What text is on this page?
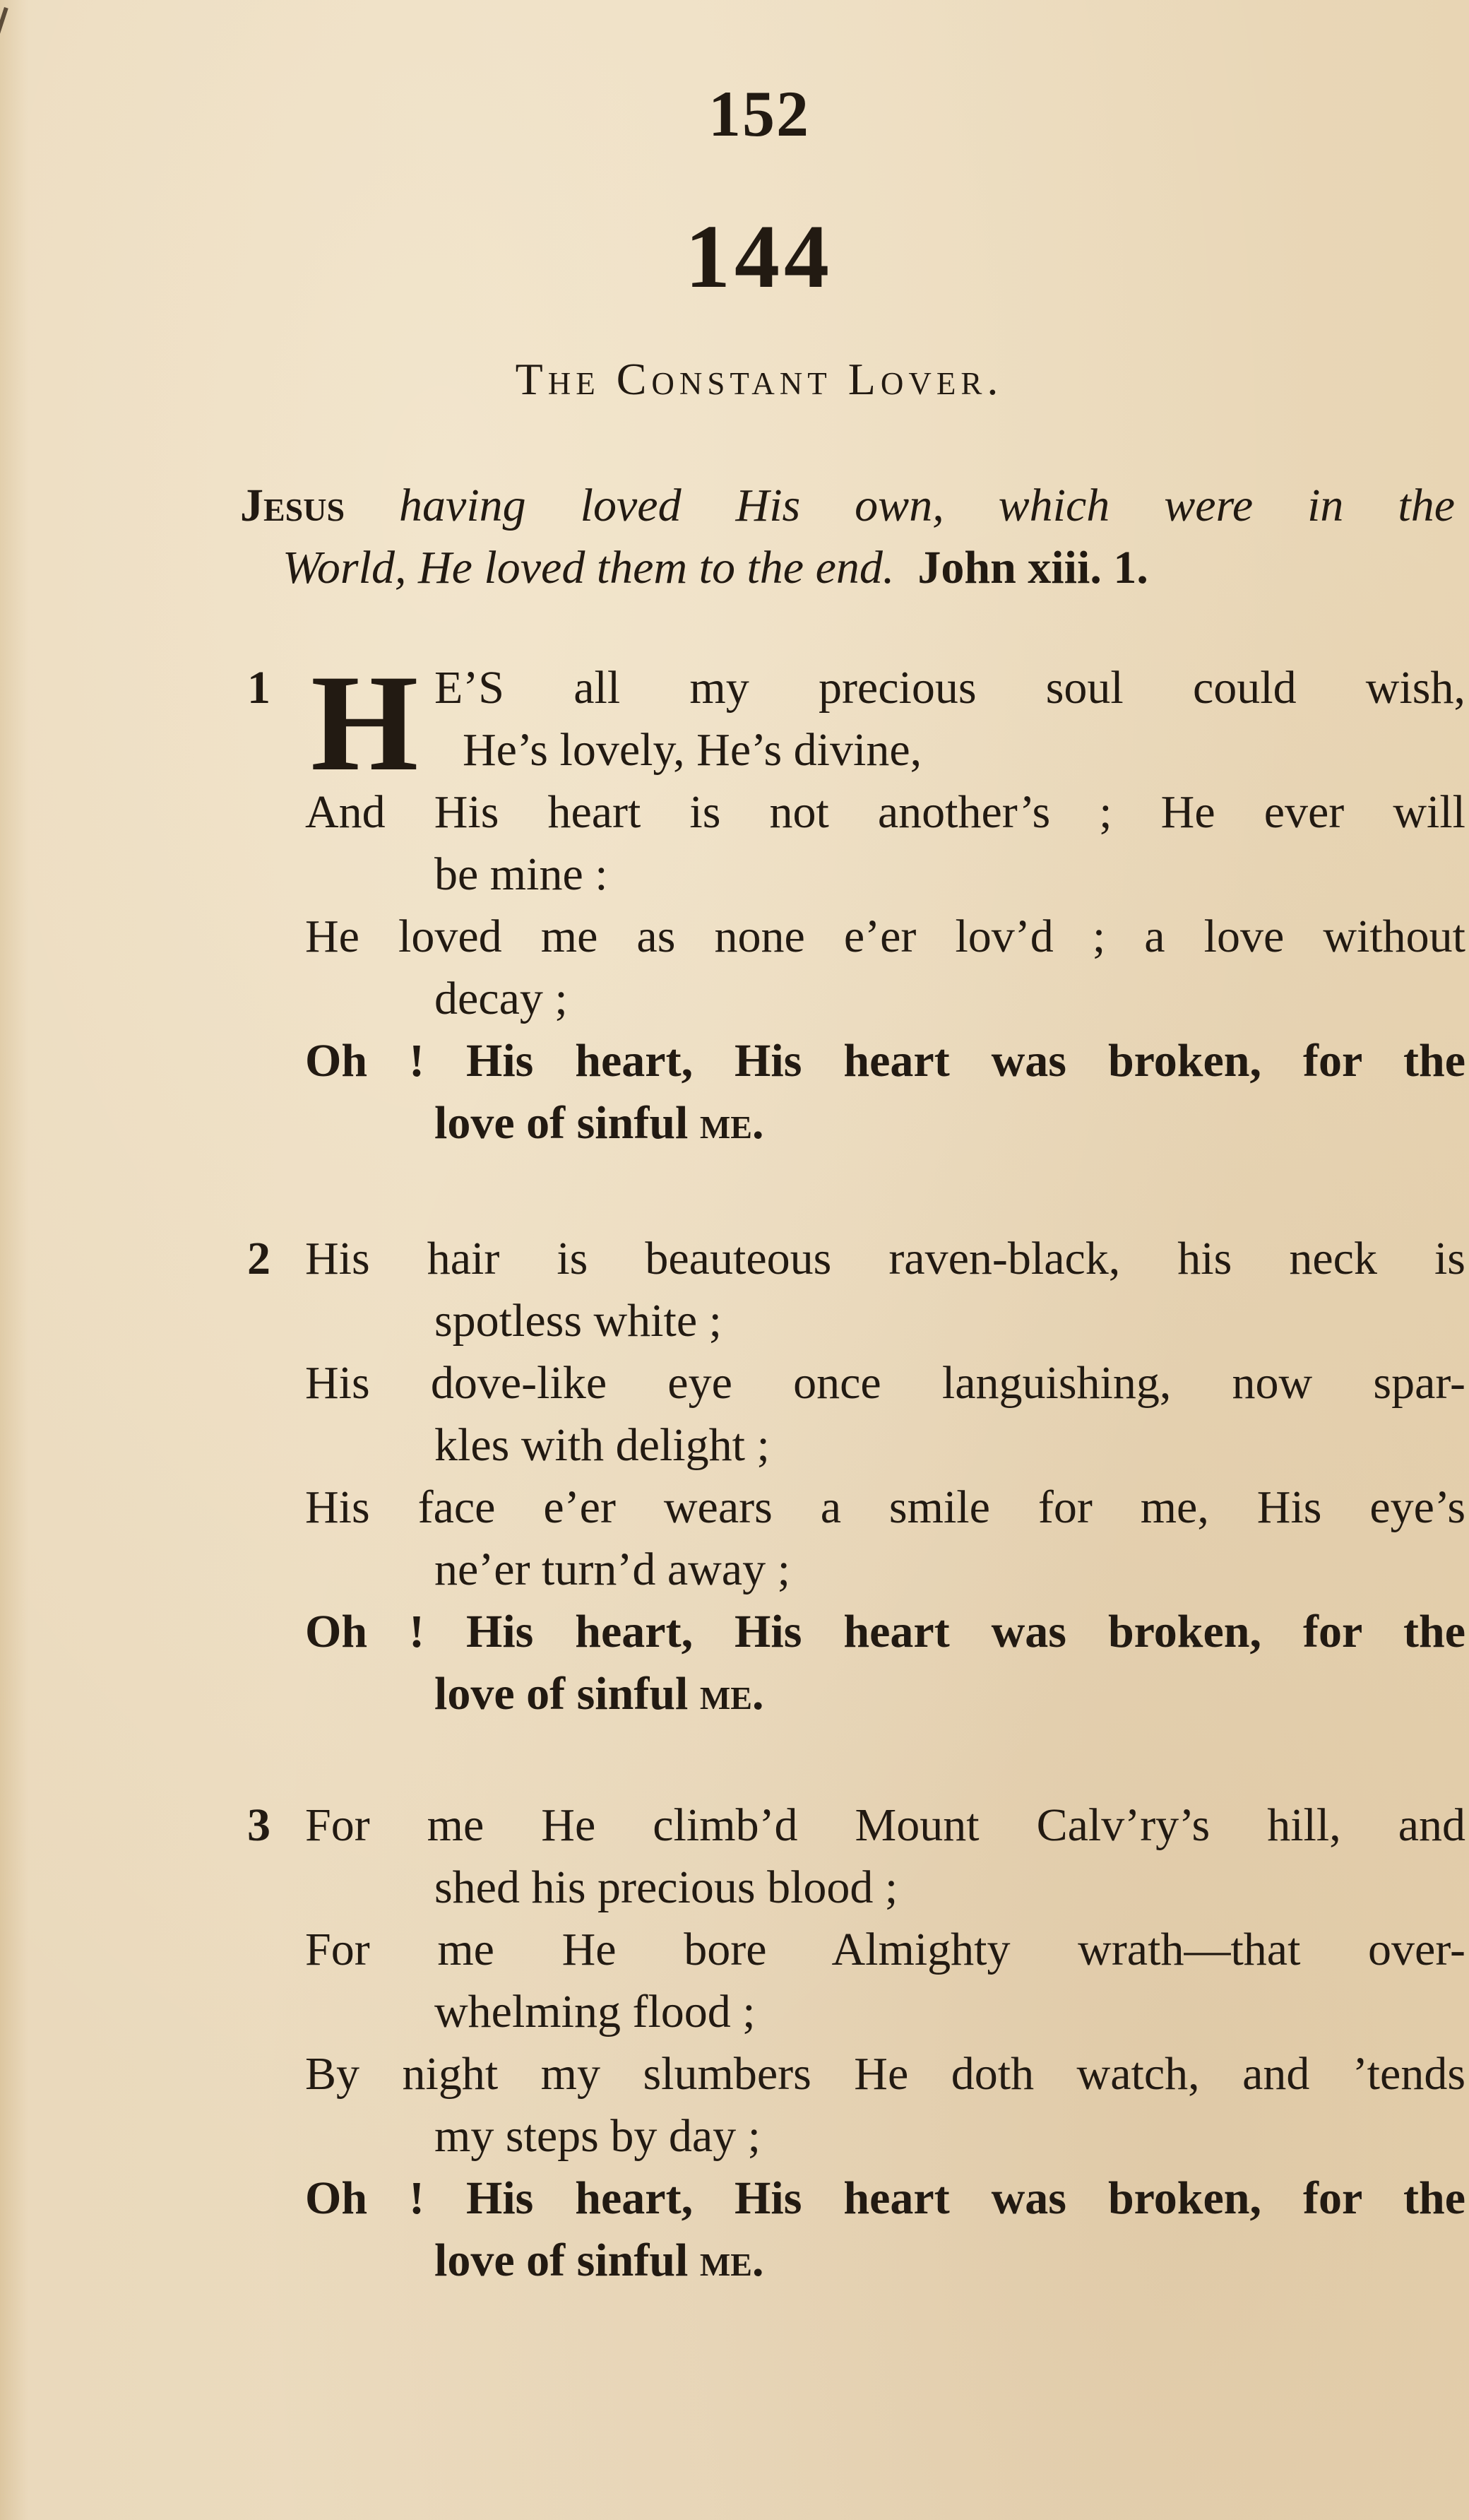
152
144
The Constant Lover.
Jesus having loved His own, which were in the
World, He loved them to the end. John xiii. 1.
1 H E’S all my precious soul could wish,
He’s lovely, He’s divine,
And His heart is not another’s ; He ever will
be mine :
He loved me as none e’er lov’d ; a love without
decay ;
Oh ! His heart, His heart was broken, for the
love of sinful me.
2 His hair is beauteous raven-black, his neck is
spotless white ;
His dove-like eye once languishing, now spar-
kles with delight ;
His face e’er wears a smile for me, His eye’s
ne’er turn’d away ;
Oh ! His heart, His heart was broken, for the
love of sinful me.
3 For me He climb’d Mount Calv’ry’s hill, and
shed his precious blood ;
For me He bore Almighty wrath—that over-
whelming flood ;
By night my slumbers He doth watch, and ’tends
my steps by day ;
Oh ! His heart, His heart was broken, for the
love of sinful me.
